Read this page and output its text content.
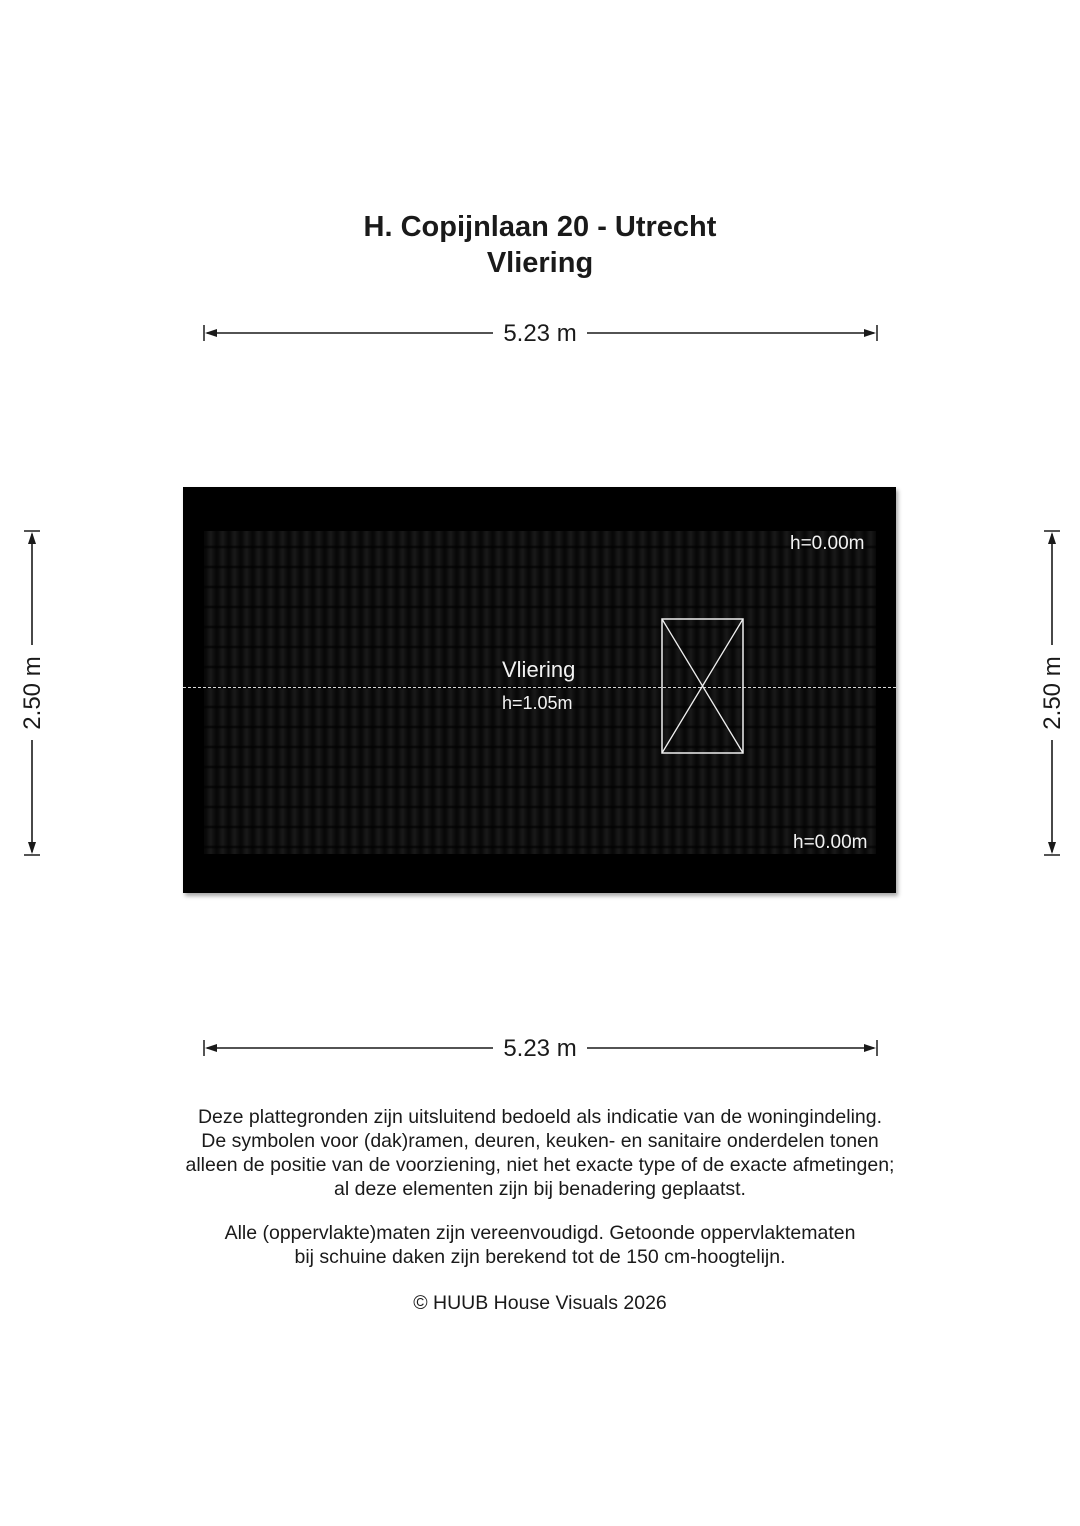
H. Copijnlaan 20 - Utrecht
Vliering
5.23 m
5.23 m
2.50 m	2.50 m
Vliering
h=1.05m
h=0.00m
h=0.00m
Deze plattegronden zijn uitsluitend bedoeld als indicatie van de woningindeling.
De symbolen voor (dak)ramen, deuren, keuken- en sanitaire onderdelen tonen
alleen de positie van de voorziening, niet het exacte type of de exacte afmetingen;
al deze elementen zijn bij benadering geplaatst.
Alle (oppervlakte)maten zijn vereenvoudigd. Getoonde oppervlaktematen
bij schuine daken zijn berekend tot de 150 cm-hoogtelijn.
© HUUB House Visuals 2026
